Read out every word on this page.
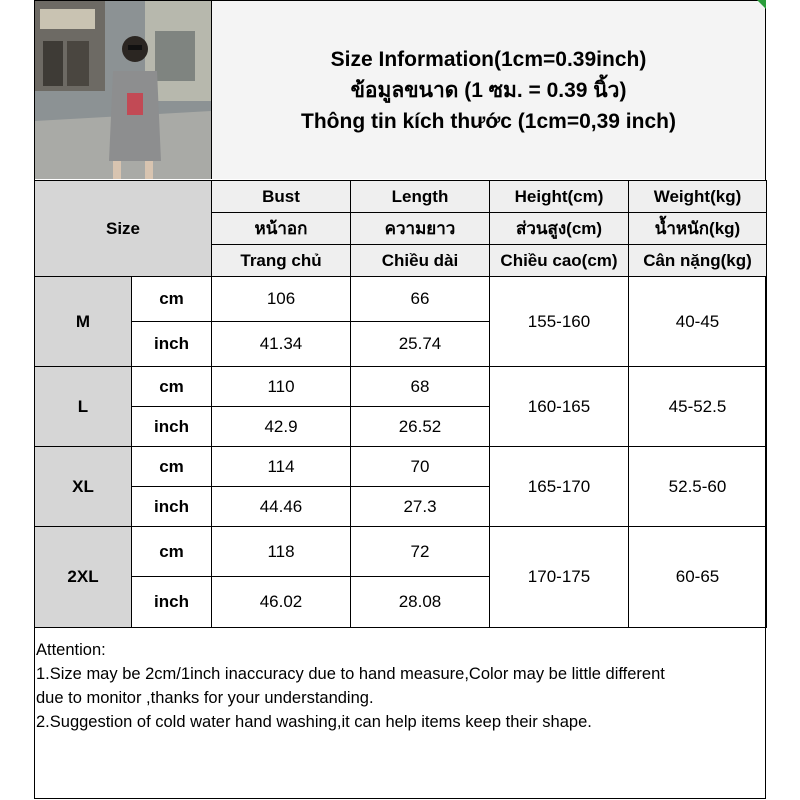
Size Information(1cm=0.39inch)
ข้อมูลขนาด (1 ซม. = 0.39 นิ้ว)
Thông tin kích thước (1cm=0,39 inch)
Size		Bust	Length	Height(cm)	Weight(kg)
		หน้าอก	ความยาว	ส่วนสูง(cm)	น้ำหนัก(kg)
		Trang chủ	Chiều dài	Chiều cao(cm)	Cân nặng(kg)
M	cm	106	66	155-160	40-45
	inch	41.34	25.74		
L	cm	110	68	160-165	45-52.5
	inch	42.9	26.52		
XL	cm	114	70	165-170	52.5-60
	inch	44.46	27.3		
2XL	cm	118	72	170-175	60-65
	inch	46.02	28.08		
Attention:
1.Size may be 2cm/1inch inaccuracy due to hand measure,Color may be little different
due to monitor ,thanks for your understanding.
2.Suggestion of cold water hand washing,it can help items keep their shape.
